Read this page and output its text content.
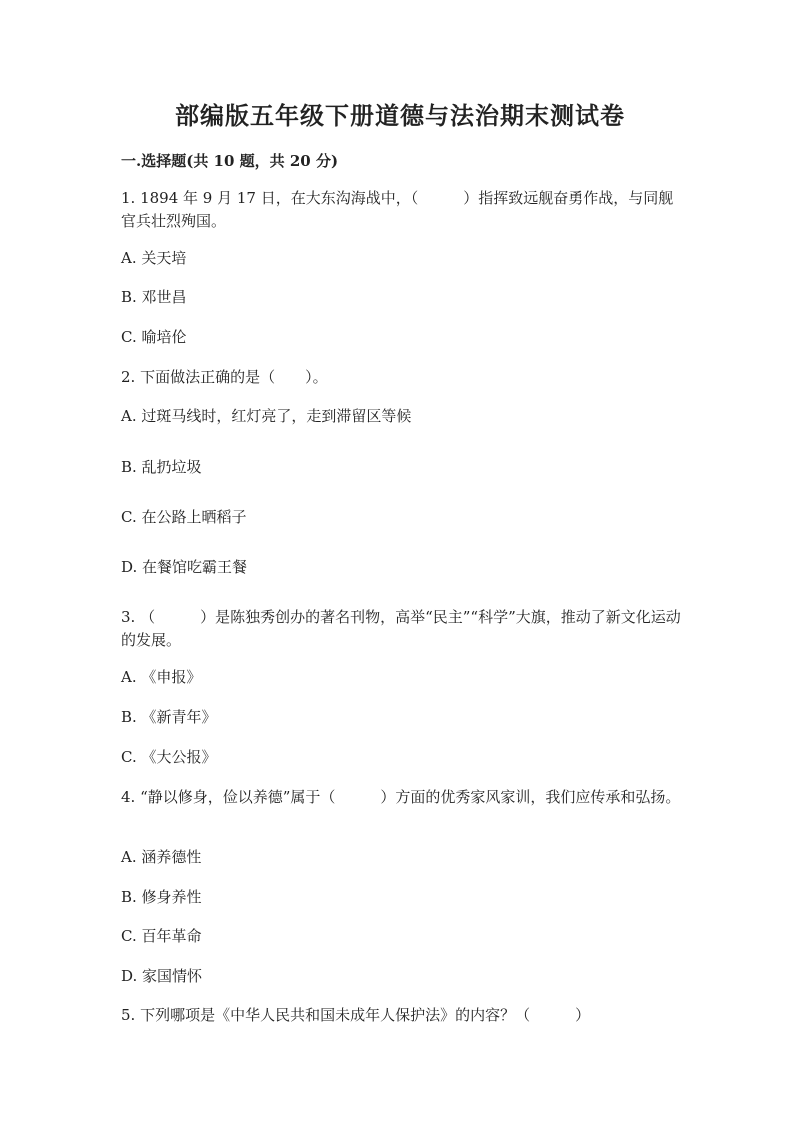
部编版五年级下册道德与法治期末测试卷
一.选择题(共 10 题，共 20 分)
1. 1894 年 9 月 17 日，在大东沟海战中，（　　　）指挥致远舰奋勇作战，与同舰官兵壮烈殉国。
A. 关天培
B. 邓世昌
C. 喻培伦
2. 下面做法正确的是（　　）。
A. 过斑马线时，红灯亮了，走到滞留区等候
B. 乱扔垃圾
C. 在公路上晒稻子
D. 在餐馆吃霸王餐
3. （　　　）是陈独秀创办的著名刊物，高举“民主”“科学”大旗，推动了新文化运动的发展。
A. 《申报》
B. 《新青年》
C. 《大公报》
4. “静以修身，俭以养德”属于（　　　）方面的优秀家风家训，我们应传承和弘扬。
A. 涵养德性
B. 修身养性
C. 百年革命
D. 家国情怀
5. 下列哪项是《中华人民共和国未成年人保护法》的内容？（　　　）
